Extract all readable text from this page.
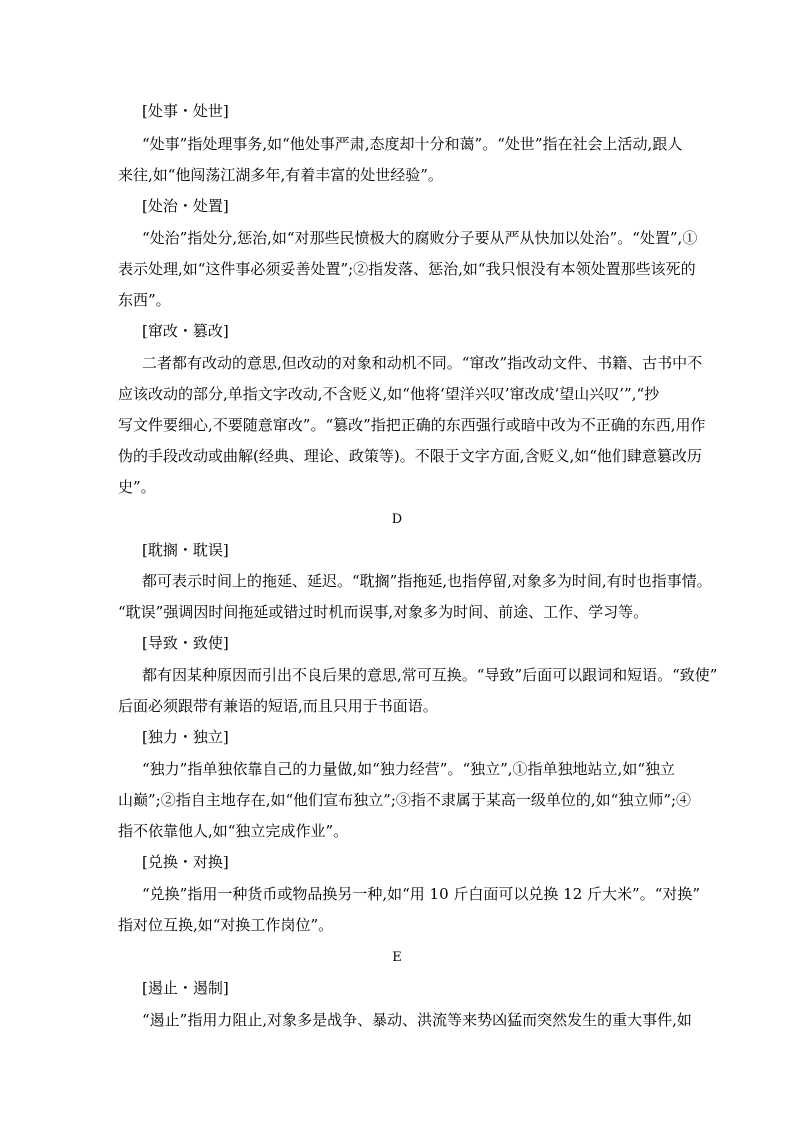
[处事・处世]
“处事”指处理事务,如“他处事严肃,态度却十分和蔼”。“处世”指在社会上活动,跟人
来往,如“他闯荡江湖多年,有着丰富的处世经验”。
[处治・处置]
“处治”指处分,惩治,如“对那些民愤极大的腐败分子要从严从快加以处治”。“处置”,①
表示处理,如“这件事必须妥善处置”;②指发落、惩治,如“我只恨没有本领处置那些该死的
东西”。
[窜改・篡改]
二者都有改动的意思,但改动的对象和动机不同。“窜改”指改动文件、书籍、古书中不
应该改动的部分,单指文字改动,不含贬义,如“他将‘望洋兴叹’窜改成‘望山兴叹’”,“抄
写文件要细心,不要随意窜改”。“篡改”指把正确的东西强行或暗中改为不正确的东西,用作
伪的手段改动或曲解(经典、理论、政策等)。不限于文字方面,含贬义,如“他们肆意篡改历
史”。
D
[耽搁・耽误]
都可表示时间上的拖延、延迟。“耽搁”指拖延,也指停留,对象多为时间,有时也指事情。
“耽误”强调因时间拖延或错过时机而误事,对象多为时间、前途、工作、学习等。
[导致・致使]
都有因某种原因而引出不良后果的意思,常可互换。“导致”后面可以跟词和短语。“致使”
后面必须跟带有兼语的短语,而且只用于书面语。
[独力・独立]
“独力”指单独依靠自己的力量做,如“独力经营”。“独立”,①指单独地站立,如“独立
山巅”;②指自主地存在,如“他们宣布独立”;③指不隶属于某高一级单位的,如“独立师”;④
指不依靠他人,如“独立完成作业”。
[兑换・对换]
“兑换”指用一种货币或物品换另一种,如“用 10 斤白面可以兑换 12 斤大米”。“对换”
指对位互换,如“对换工作岗位”。
E
[遏止・遏制]
“遏止”指用力阻止,对象多是战争、暴动、洪流等来势凶猛而突然发生的重大事件,如
